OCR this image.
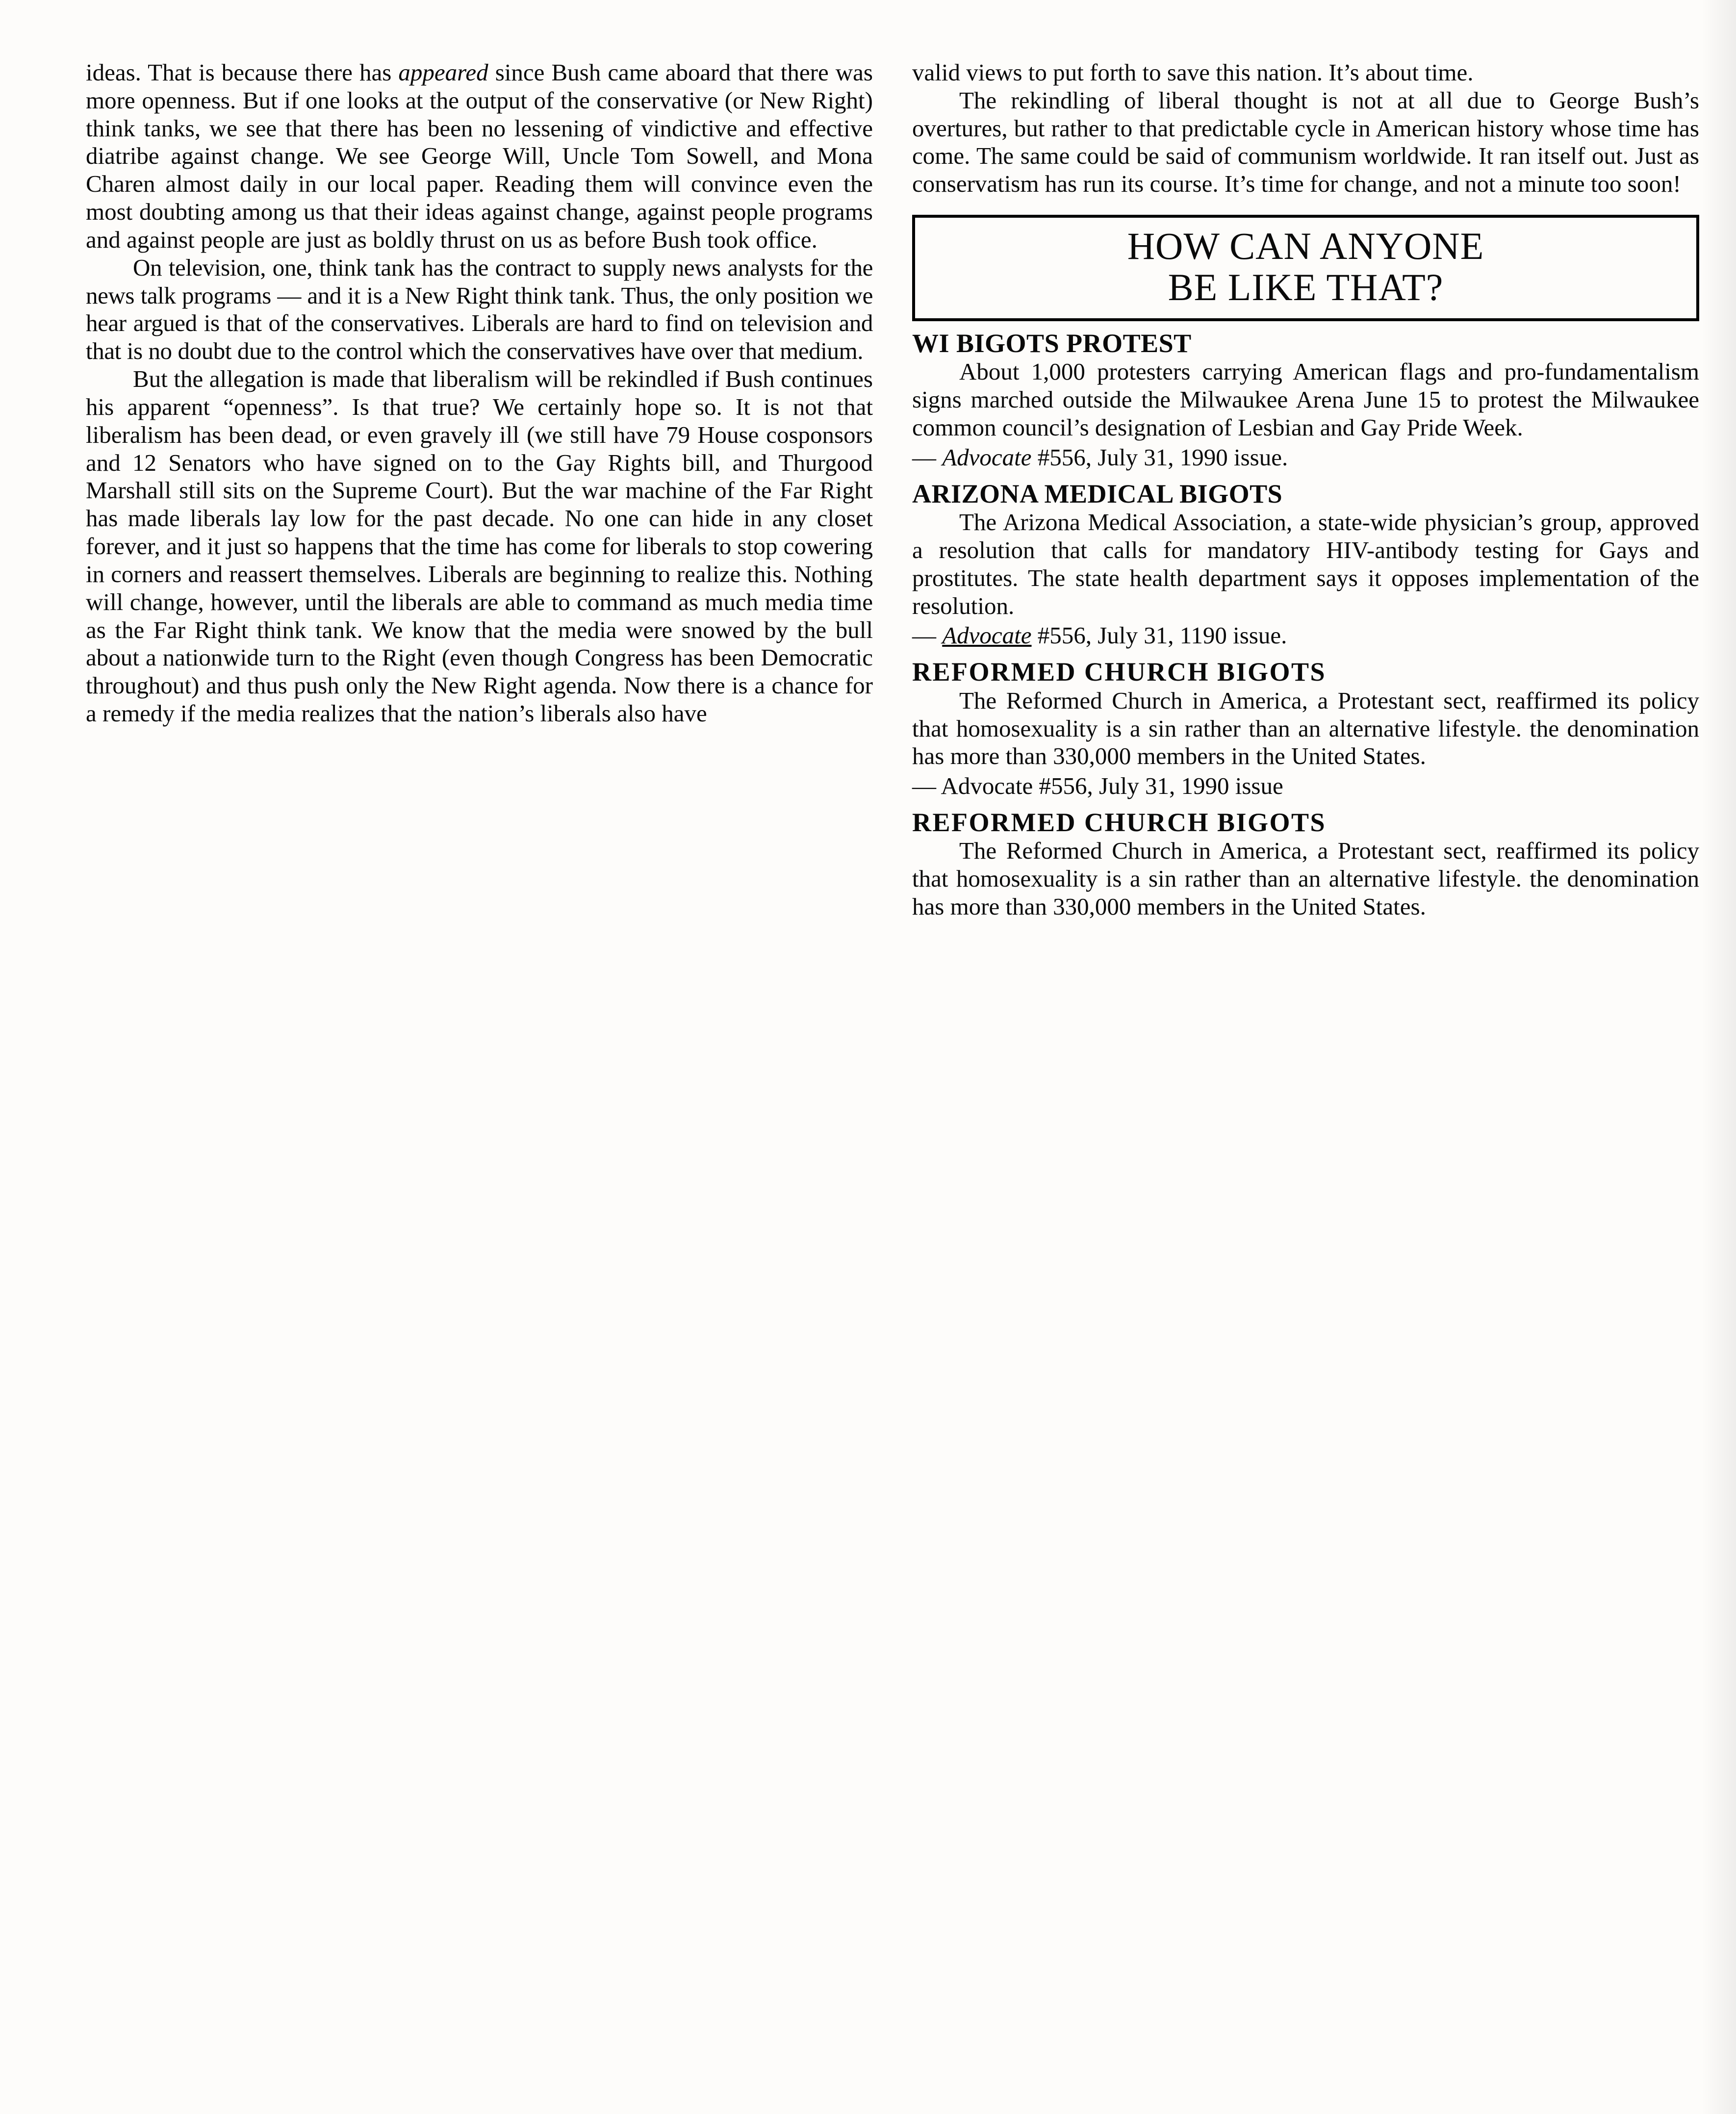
ideas. That is because there has appeared since Bush came aboard that there was more openness. But if one looks at the output of the conservative (or New Right) think tanks, we see that there has been no lessening of vindictive and effective diatribe against change. We see George Will, Uncle Tom Sowell, and Mona Charen almost daily in our local paper. Reading them will convince even the most doubting among us that their ideas against change, against people programs and against people are just as boldly thrust on us as before Bush took office.

On television, one, think tank has the contract to supply news analysts for the news talk programs — and it is a New Right think tank. Thus, the only position we hear argued is that of the conservatives. Liberals are hard to find on television and that is no doubt due to the control which the conservatives have over that medium.

But the allegation is made that liberalism will be rekindled if Bush continues his apparent “openness”. Is that true? We certainly hope so. It is not that liberalism has been dead, or even gravely ill (we still have 79 House cosponsors and 12 Senators who have signed on to the Gay Rights bill, and Thurgood Marshall still sits on the Supreme Court). But the war machine of the Far Right has made liberals lay low for the past decade. No one can hide in any closet forever, and it just so happens that the time has come for liberals to stop cowering in corners and reassert themselves. Liberals are beginning to realize this. Nothing will change, however, until the liberals are able to command as much media time as the Far Right think tank. We know that the media were snowed by the bull about a nationwide turn to the Right (even though Congress has been Democratic throughout) and thus push only the New Right agenda. Now there is a chance for a remedy if the media realizes that the nation’s liberals also have

valid views to put forth to save this nation. It’s about time.

The rekindling of liberal thought is not at all due to George Bush’s overtures, but rather to that predictable cycle in American history whose time has come. The same could be said of communism worldwide. It ran itself out. Just as conservatism has run its course. It’s time for change, and not a minute too soon!

HOW CAN ANYONE
BE LIKE THAT?
WI BIGOTS PROTEST

About 1,000 protesters carrying American flags and pro-fundamentalism signs marched outside the Milwaukee Arena June 15 to protest the Milwaukee common council’s designation of Lesbian and Gay Pride Week.

— Advocate #556, July 31, 1990 issue.
ARIZONA MEDICAL BIGOTS

The Arizona Medical Association, a state-wide physician’s group, approved a resolution that calls for mandatory HIV-antibody testing for Gays and prostitutes. The state health department says it opposes implementation of the resolution.

— Advocate #556, July 31, 1190 issue.
REFORMED CHURCH BIGOTS

The Reformed Church in America, a Protestant sect, reaffirmed its policy that homosexuality is a sin rather than an alternative lifestyle. the denomination has more than 330,000 members in the United States.

— Advocate #556, July 31, 1990 issue
REFORMED CHURCH BIGOTS

The Reformed Church in America, a Protestant sect, reaffirmed its policy that homosexuality is a sin rather than an alternative lifestyle. the denomination has more than 330,000 members in the United States.
